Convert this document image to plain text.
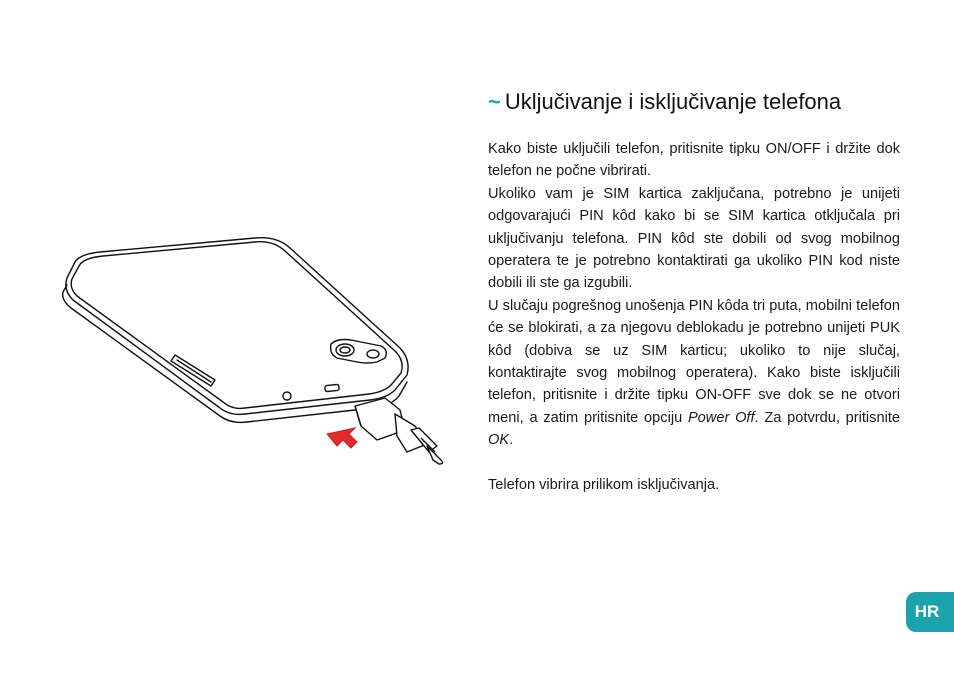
~ Uključivanje i isključivanje telefona

Kako biste uključili telefon, pritisnite tipku ON/OFF i držite dok telefon ne počne vibrirati.

Ukoliko vam je SIM kartica zaključana, potrebno je unijeti odgovarajući PIN kôd kako bi se SIM kartica otključala pri uključivanju telefona. PIN kôd ste dobili od svog mobilnog operatera te je potrebno kontaktirati ga ukoliko PIN kod niste dobili ili ste ga izgubili.

U slučaju pogrešnog unošenja PIN kôda tri puta, mobilni telefon će se blokirati, a za njegovu deblokadu je potrebno unijeti PUK kôd (dobiva se uz SIM karticu; ukoliko to nije slučaj, kontaktirajte svog mobilnog operatera). Kako biste isključili telefon, pritisnite i držite tipku ON-OFF sve dok se ne otvori meni, a zatim pritisnite opciju Power Off. Za potvrdu, pritisnite OK.

Telefon vibrira prilikom isključivanja.

HR
